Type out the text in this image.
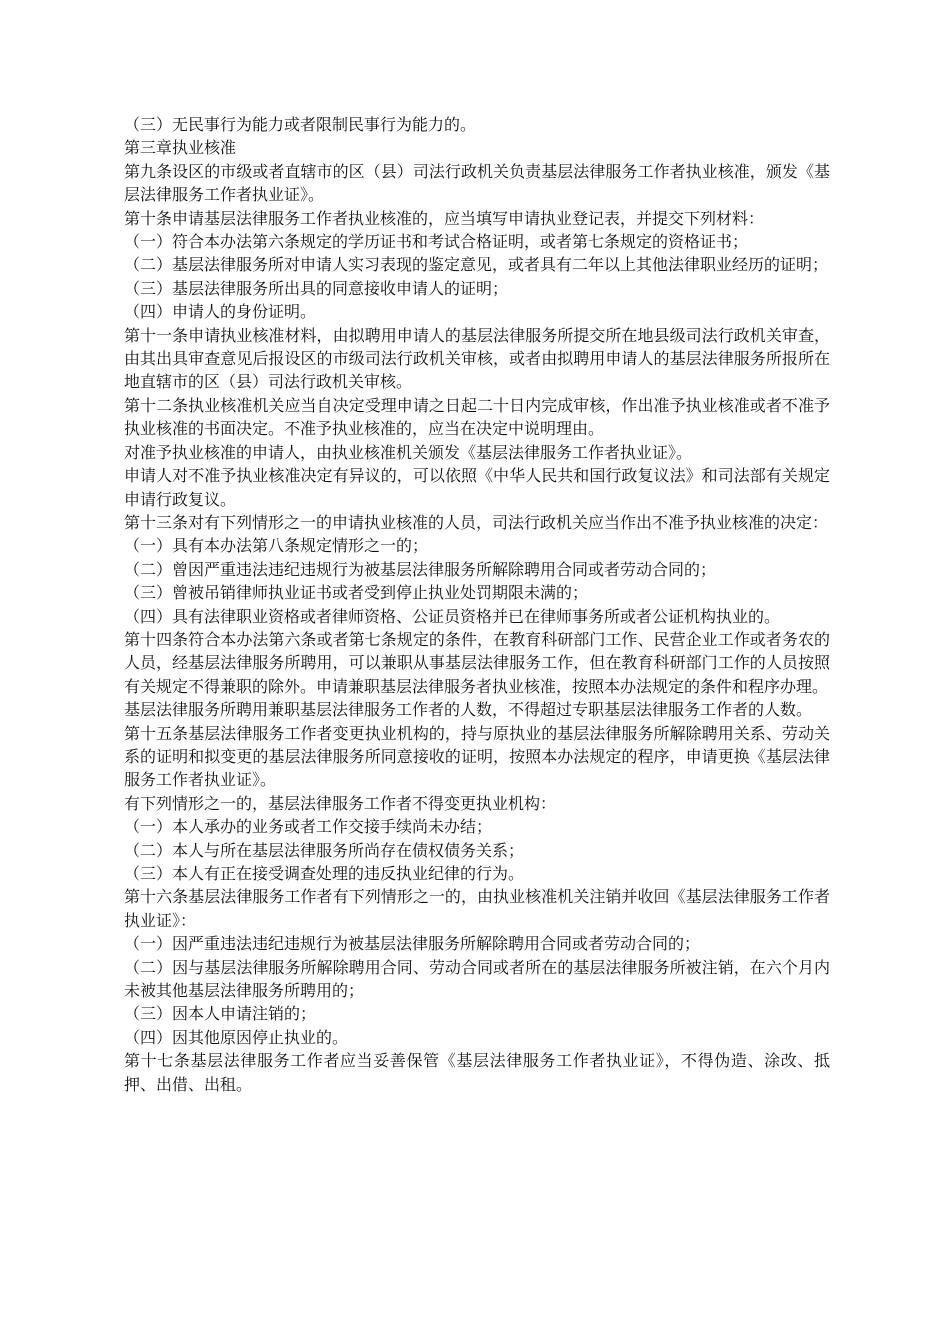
（三）无民事行为能力或者限制民事行为能力的。

第三章执业核准

第九条设区的市级或者直辖市的区（县）司法行政机关负责基层法律服务工作者执业核准，颁发《基层法律服务工作者执业证》。

第十条申请基层法律服务工作者执业核准的，应当填写申请执业登记表，并提交下列材料：

（一）符合本办法第六条规定的学历证书和考试合格证明，或者第七条规定的资格证书；

（二）基层法律服务所对申请人实习表现的鉴定意见，或者具有二年以上其他法律职业经历的证明；

（三）基层法律服务所出具的同意接收申请人的证明；

（四）申请人的身份证明。

第十一条申请执业核准材料，由拟聘用申请人的基层法律服务所提交所在地县级司法行政机关审查，由其出具审查意见后报设区的市级司法行政机关审核，或者由拟聘用申请人的基层法律服务所报所在地直辖市的区（县）司法行政机关审核。

第十二条执业核准机关应当自决定受理申请之日起二十日内完成审核，作出准予执业核准或者不准予执业核准的书面决定。不准予执业核准的，应当在决定中说明理由。

对准予执业核准的申请人，由执业核准机关颁发《基层法律服务工作者执业证》。

申请人对不准予执业核准决定有异议的，可以依照《中华人民共和国行政复议法》和司法部有关规定申请行政复议。

第十三条对有下列情形之一的申请执业核准的人员，司法行政机关应当作出不准予执业核准的决定：

（一）具有本办法第八条规定情形之一的；

（二）曾因严重违法违纪违规行为被基层法律服务所解除聘用合同或者劳动合同的；

（三）曾被吊销律师执业证书或者受到停止执业处罚期限未满的；

（四）具有法律职业资格或者律师资格、公证员资格并已在律师事务所或者公证机构执业的。

第十四条符合本办法第六条或者第七条规定的条件，在教育科研部门工作、民营企业工作或者务农的人员，经基层法律服务所聘用，可以兼职从事基层法律服务工作，但在教育科研部门工作的人员按照有关规定不得兼职的除外。申请兼职基层法律服务者执业核准，按照本办法规定的条件和程序办理。

基层法律服务所聘用兼职基层法律服务工作者的人数，不得超过专职基层法律服务工作者的人数。

第十五条基层法律服务工作者变更执业机构的，持与原执业的基层法律服务所解除聘用关系、劳动关系的证明和拟变更的基层法律服务所同意接收的证明，按照本办法规定的程序，申请更换《基层法律服务工作者执业证》。

有下列情形之一的，基层法律服务工作者不得变更执业机构：

（一）本人承办的业务或者工作交接手续尚未办结；

（二）本人与所在基层法律服务所尚存在债权债务关系；

（三）本人有正在接受调查处理的违反执业纪律的行为。

第十六条基层法律服务工作者有下列情形之一的，由执业核准机关注销并收回《基层法律服务工作者执业证》：

（一）因严重违法违纪违规行为被基层法律服务所解除聘用合同或者劳动合同的；

（二）因与基层法律服务所解除聘用合同、劳动合同或者所在的基层法律服务所被注销，在六个月内未被其他基层法律服务所聘用的；

（三）因本人申请注销的；

（四）因其他原因停止执业的。

第十七条基层法律服务工作者应当妥善保管《基层法律服务工作者执业证》，不得伪造、涂改、抵押、出借、出租。
